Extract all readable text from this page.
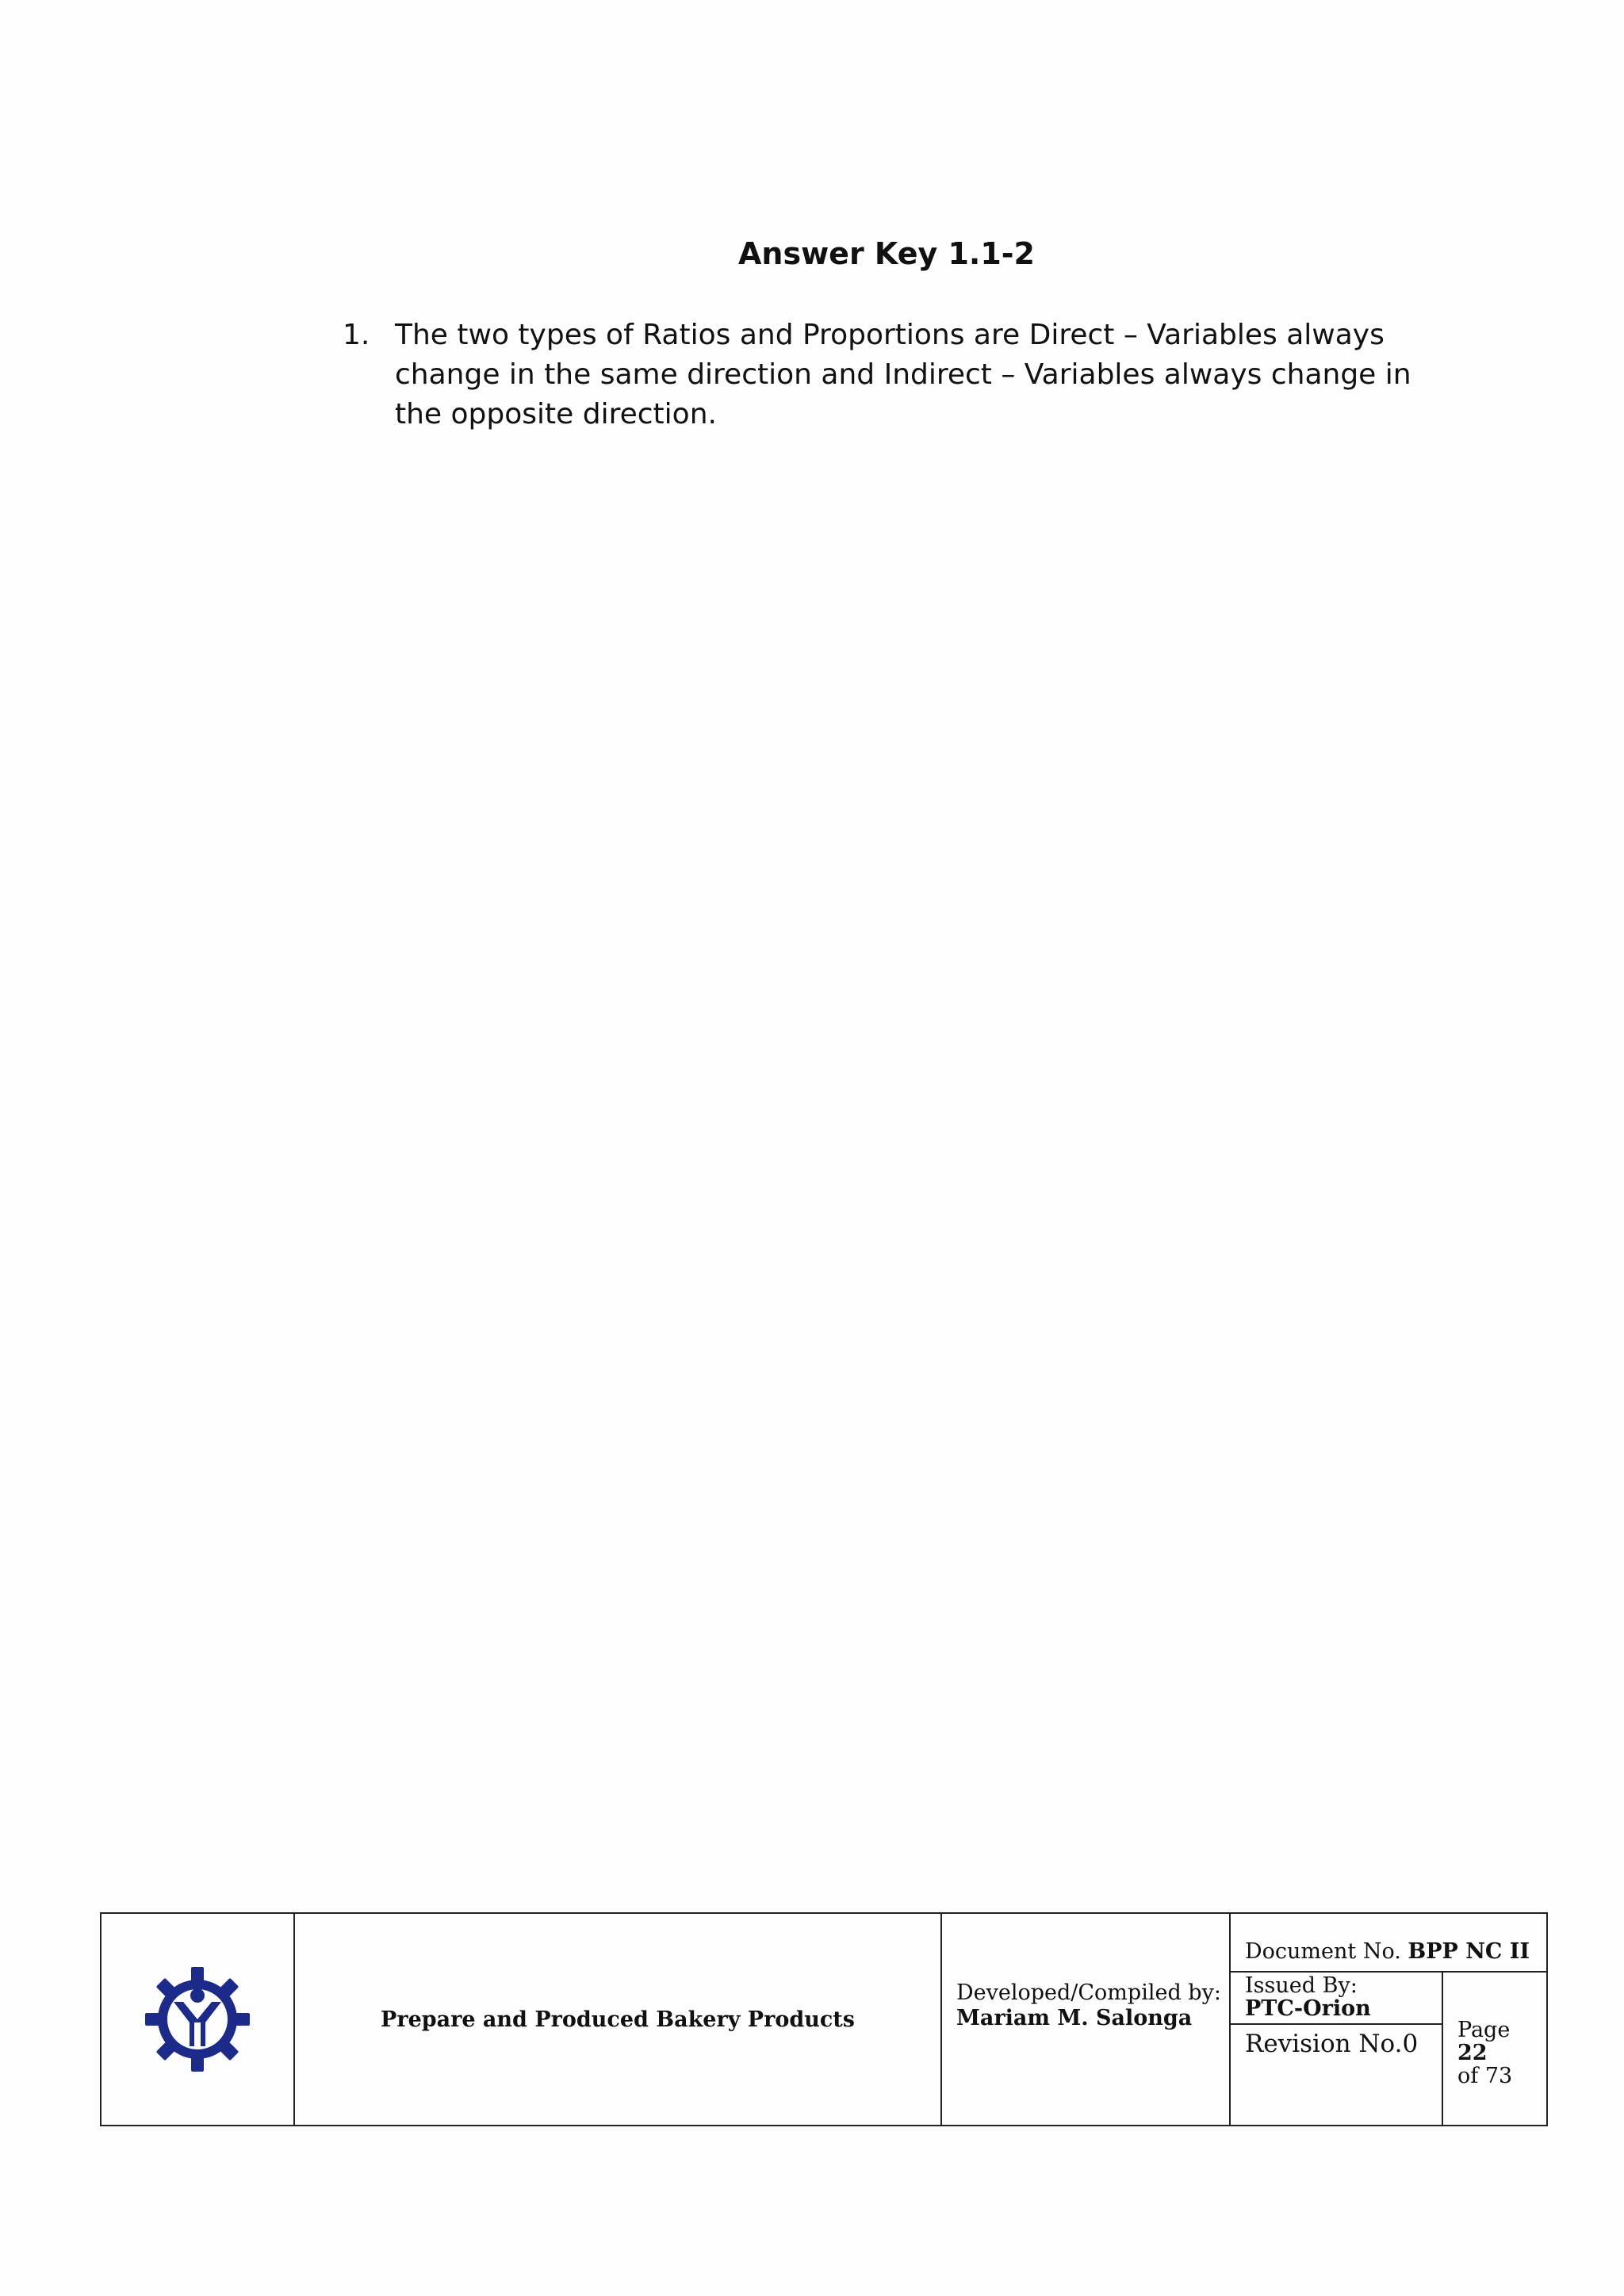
Answer Key 1.1-2
1. The two types of Ratios and Proportions are Direct – Variables always change in the same direction and Indirect – Variables always change in the opposite direction.
Prepare and Produced Bakery Products
Developed/Compiled by:
Mariam M. Salonga
Document No. BPP NC II
Issued By:
PTC-Orion
Revision No.0	Page
22
of 73
